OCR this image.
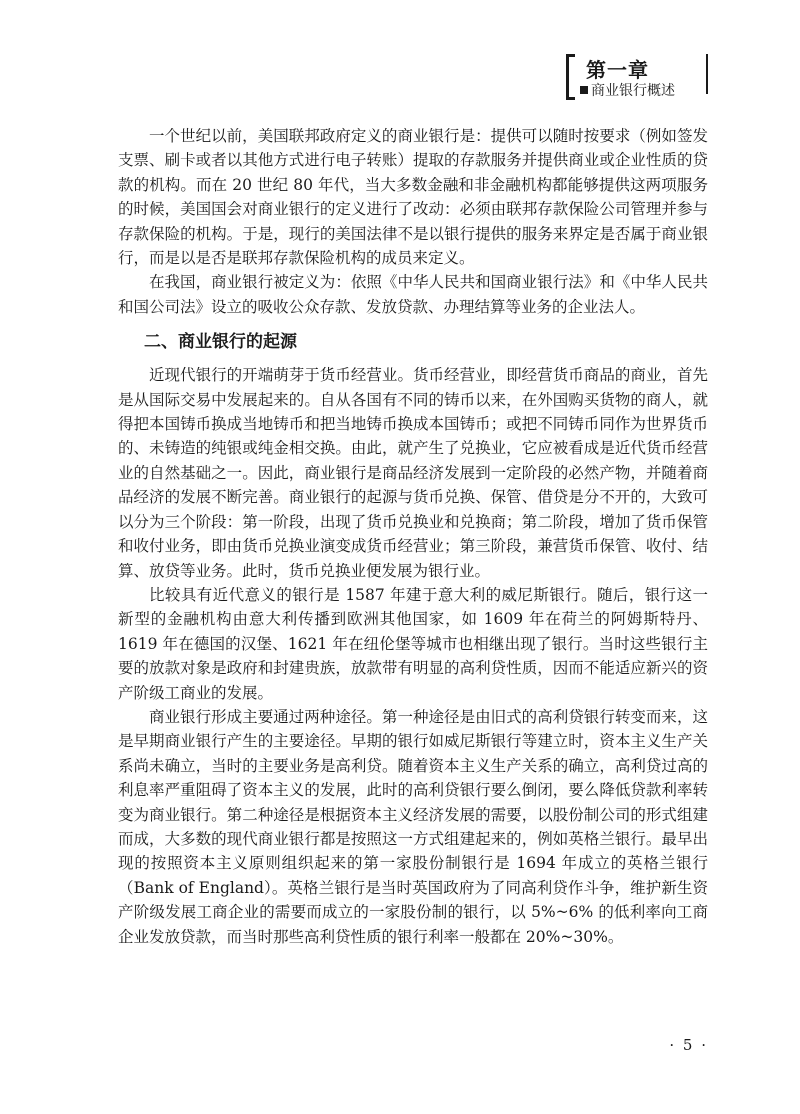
第一章
商业银行概述

一个世纪以前，美国联邦政府定义的商业银行是：提供可以随时按要求（例如签发支票、刷卡或者以其他方式进行电子转账）提取的存款服务并提供商业或企业性质的贷款的机构。而在 20 世纪 80 年代，当大多数金融和非金融机构都能够提供这两项服务的时候，美国国会对商业银行的定义进行了改动：必须由联邦存款保险公司管理并参与存款保险的机构。于是，现行的美国法律不是以银行提供的服务来界定是否属于商业银行，而是以是否是联邦存款保险机构的成员来定义。

在我国，商业银行被定义为：依照《中华人民共和国商业银行法》和《中华人民共和国公司法》设立的吸收公众存款、发放贷款、办理结算等业务的企业法人。

二、商业银行的起源

近现代银行的开端萌芽于货币经营业。货币经营业，即经营货币商品的商业，首先是从国际交易中发展起来的。自从各国有不同的铸币以来，在外国购买货物的商人，就得把本国铸币换成当地铸币和把当地铸币换成本国铸币；或把不同铸币同作为世界货币的、未铸造的纯银或纯金相交换。由此，就产生了兑换业，它应被看成是近代货币经营业的自然基础之一。因此，商业银行是商品经济发展到一定阶段的必然产物，并随着商品经济的发展不断完善。商业银行的起源与货币兑换、保管、借贷是分不开的，大致可以分为三个阶段：第一阶段，出现了货币兑换业和兑换商；第二阶段，增加了货币保管和收付业务，即由货币兑换业演变成货币经营业；第三阶段，兼营货币保管、收付、结算、放贷等业务。此时，货币兑换业便发展为银行业。

比较具有近代意义的银行是 1587 年建于意大利的威尼斯银行。随后，银行这一新型的金融机构由意大利传播到欧洲其他国家，如 1609 年在荷兰的阿姆斯特丹、1619 年在德国的汉堡、1621 年在纽伦堡等城市也相继出现了银行。当时这些银行主要的放款对象是政府和封建贵族，放款带有明显的高利贷性质，因而不能适应新兴的资产阶级工商业的发展。

商业银行形成主要通过两种途径。第一种途径是由旧式的高利贷银行转变而来，这是早期商业银行产生的主要途径。早期的银行如威尼斯银行等建立时，资本主义生产关系尚未确立，当时的主要业务是高利贷。随着资本主义生产关系的确立，高利贷过高的利息率严重阻碍了资本主义的发展，此时的高利贷银行要么倒闭，要么降低贷款利率转变为商业银行。第二种途径是根据资本主义经济发展的需要，以股份制公司的形式组建而成，大多数的现代商业银行都是按照这一方式组建起来的，例如英格兰银行。最早出现的按照资本主义原则组织起来的第一家股份制银行是 1694 年成立的英格兰银行（Bank of England）。英格兰银行是当时英国政府为了同高利贷作斗争，维护新生资产阶级发展工商企业的需要而成立的一家股份制的银行，以 5%~6% 的低利率向工商企业发放贷款，而当时那些高利贷性质的银行利率一般都在 20%~30%。

· 5 ·
